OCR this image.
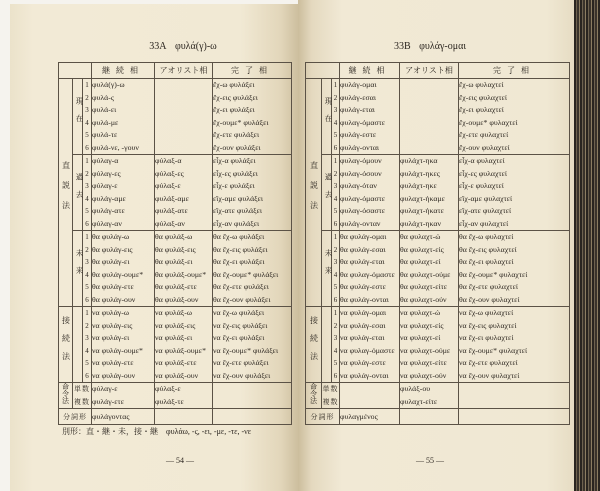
33A φυλά(γ)-ω
			継続相	アオリスト相	完了相
直説法	現在	1	φυλά(γ)-ω		ἔχ-ω φυλάξει
		2	φυλά-ς		ἔχ-εις φυλάξει
		3	φυλά-ει		ἔχ-ει φυλάξει
		4	φυλά-με		ἔχ-ουμε* φυλάξει
		5	φυλά-τε		ἔχ-ετε φυλάξει
		6	φυλά-νε, -γουν		ἔχ-ουν φυλάξει
	過去	1	φύλαγ-α	φύλαξ-α	εἶχ-α φυλάξει
		2	φύλαγ-ες	φύλαξ-ες	εἶχ-ες φυλάξει
		3	φύλαγ-ε	φύλαξ-ε	εἶχ-ε φυλάξει
		4	φυλάγ-αμε	φυλάξ-αμε	εἴχ-αμε φυλάξει
		5	φυλάγ-ατε	φυλάξ-ατε	εἴχ-ατε φυλάξει
		6	φύλαγ-αν	φύλαξ-αν	εἶχ-αν φυλάξει
	未来	1	θα φυλάγ-ω	θα φυλάξ-ω	θα ἔχ-ω φυλάξει
		2	θα φυλάγ-εις	θα φυλάξ-εις	θα ἔχ-εις φυλάξει
		3	θα φυλάγ-ει	θα φυλάξ-ει	θα ἔχ-ει φυλάξει
		4	θα φυλάγ-ουμε*	θα φυλάξ-ουμε*	θα ἔχ-ουμε* φυλάξει
		5	θα φυλάγ-ετε	θα φυλάξ-ετε	θα ἔχ-ετε φυλάξει
		6	θα φυλάγ-ουν	θα φυλάξ-ουν	θα ἔχ-ουν φυλάξει
接続法		1	να φυλάγ-ω	να φυλάξ-ω	να ἔχ-ω φυλάξει
		2	να φυλάγ-εις	να φυλάξ-εις	να ἔχ-εις φυλάξει
		3	να φυλάγ-ει	να φυλάξ-ει	να ἔχ-ει φυλάξει
		4	να φυλάγ-ουμε*	να φυλάξ-ουμε*	να ἔχ-ουμε* φυλάξει
		5	να φυλάγ-ετε	να φυλάξ-ετε	να ἔχ-ετε φυλάξει
		6	να φυλάγ-ουν	να φυλάξ-ουν	να ἔχ-ουν φυλάξει
命令法	単数		φύλαγ-ε	φύλαξ-ε	
	複数		φυλάγ-ετε	φυλάξ-τε	
分詞形			φυλάγοντας		
別形：直・継・未，接・継　φυλάω, -ς, -ει, -με, -τε, -νε
— 54 —
33B φυλάγ-ομαι
			継続相	アオリスト相	完了相
直説法	現在	1	φυλάγ-ομαι		ἔχ-ω φυλαχτεί
		2	φυλάγ-εσαι		ἔχ-εις φυλαχτεί
		3	φυλάγ-εται		ἔχ-ει φυλαχτεί
		4	φυλαγ-όμαστε		ἔχ-ουμε* φυλαχτεί
		5	φυλάγ-εστε		ἔχ-ετε φυλαχτεί
		6	φυλάγ-ονται		ἔχ-ουν φυλαχτεί
	過去	1	φυλαγ-όμουν	φυλάχτ-ηκα	εἶχ-α φυλαχτεί
		2	φυλαγ-όσουν	φυλάχτ-ηκες	εἶχ-ες φυλαχτεί
		3	φυλαγ-όταν	φυλάχτ-ηκε	εἶχ-ε φυλαχτεί
		4	φυλαγ-όμαστε	φυλαχτ-ήκαμε	εἴχ-αμε φυλαχτεί
		5	φυλαγ-όσαστε	φυλαχτ-ήκατε	εἴχ-ατε φυλαχτεί
		6	φυλάγ-ονταν	φυλάχτ-ηκαν	εἶχ-αν φυλαχτεί
	未来	1	θα φυλάγ-ομαι	θα φυλαχτ-ώ	θα ἔχ-ω φυλαχτεί
		2	θα φυλάγ-εσαι	θα φυλαχτ-είς	θα ἔχ-εις φυλαχτεί
		3	θα φυλάγ-εται	θα φυλαχτ-εί	θα ἔχ-ει φυλαχτεί
		4	θα φυλαγ-όμαστε	θα φυλαχτ-ούμε	θα ἔχ-ουμε* φυλαχτεί
		5	θα φυλάγ-εστε	θα φυλαχτ-είτε	θα ἔχ-ετε φυλαχτεί
		6	θα φυλάγ-ονται	θα φυλαχτ-ούν	θα ἔχ-ουν φυλαχτεί
接続法		1	να φυλάγ-ομαι	να φυλαχτ-ώ	να ἔχ-ω φυλαχτεί
		2	να φυλάγ-εσαι	να φυλαχτ-είς	να ἔχ-εις φυλαχτεί
		3	να φυλάγ-εται	να φυλαχτ-εί	να ἔχ-ει φυλαχτεί
		4	να φυλαγ-όμαστε	να φυλαχτ-ούμε	να ἔχ-ουμε* φυλαχτεί
		5	να φυλάγ-εστε	να φυλαχτ-είτε	να ἔχ-ετε φυλαχτεί
		6	να φυλάγ-ονται	να φυλαχτ-ούν	να ἔχ-ουν φυλαχτεί
命令法	単数			φυλάξ-ου	
	複数			φυλαχτ-είτε	
分詞形			φυλαγμένος		
— 55 —
